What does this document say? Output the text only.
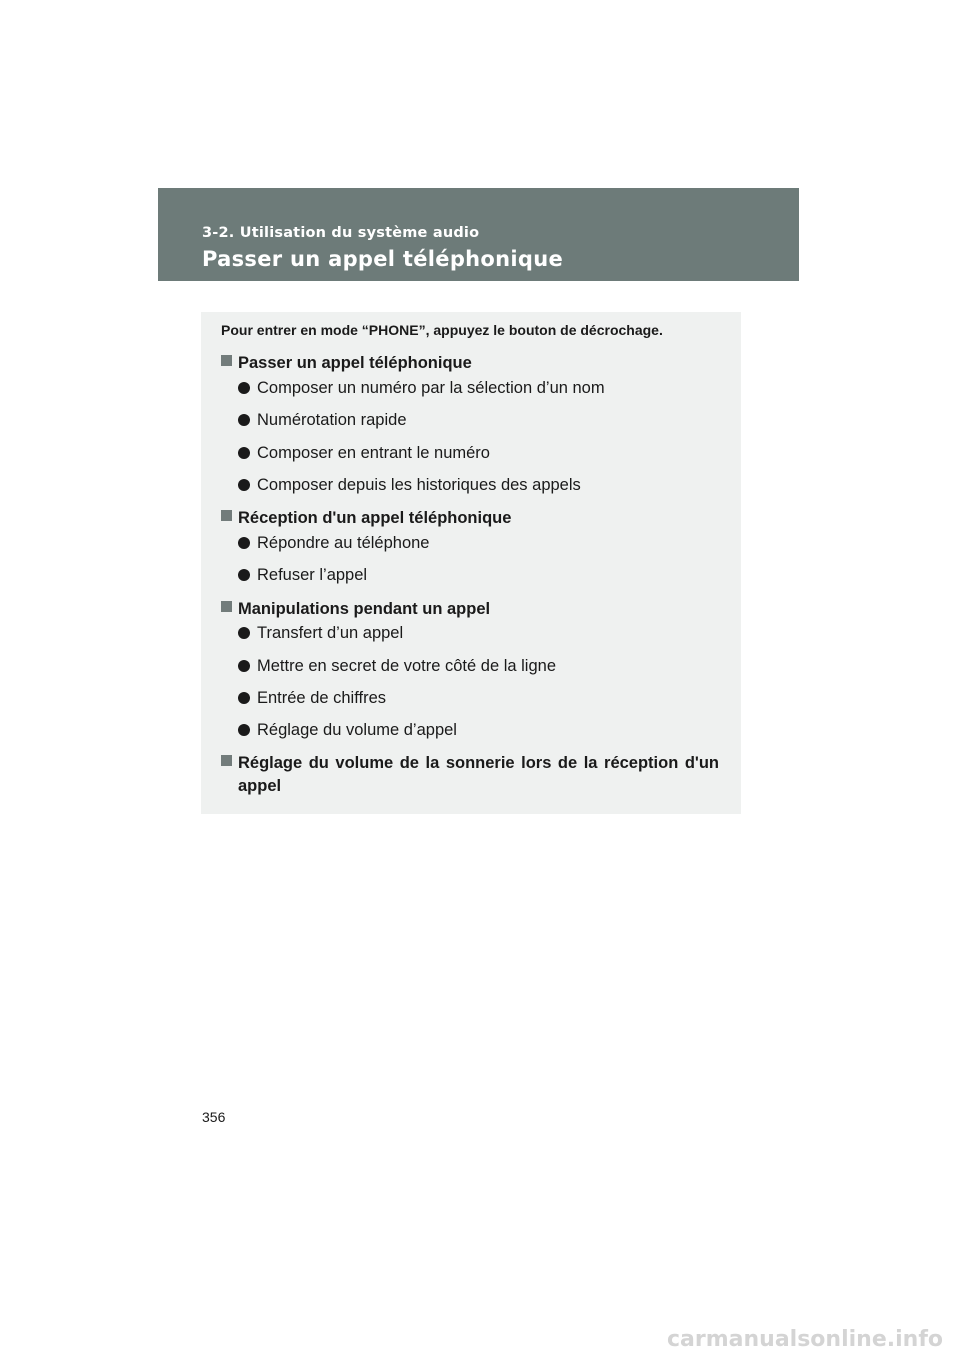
3-2. Utilisation du système audio
Passer un appel téléphonique
Pour entrer en mode “PHONE”, appuyez le bouton de décrochage.
Passer un appel téléphonique
Composer un numéro par la sélection d’un nom
Numérotation rapide
Composer en entrant le numéro
Composer depuis les historiques des appels
Réception d'un appel téléphonique
Répondre au téléphone
Refuser l’appel
Manipulations pendant un appel
Transfert d’un appel
Mettre en secret de votre côté de la ligne
Entrée de chiffres
Réglage du volume d’appel
Réglage du volume de la sonnerie lors de la réception d'un appel
356
carmanualsonline.info
